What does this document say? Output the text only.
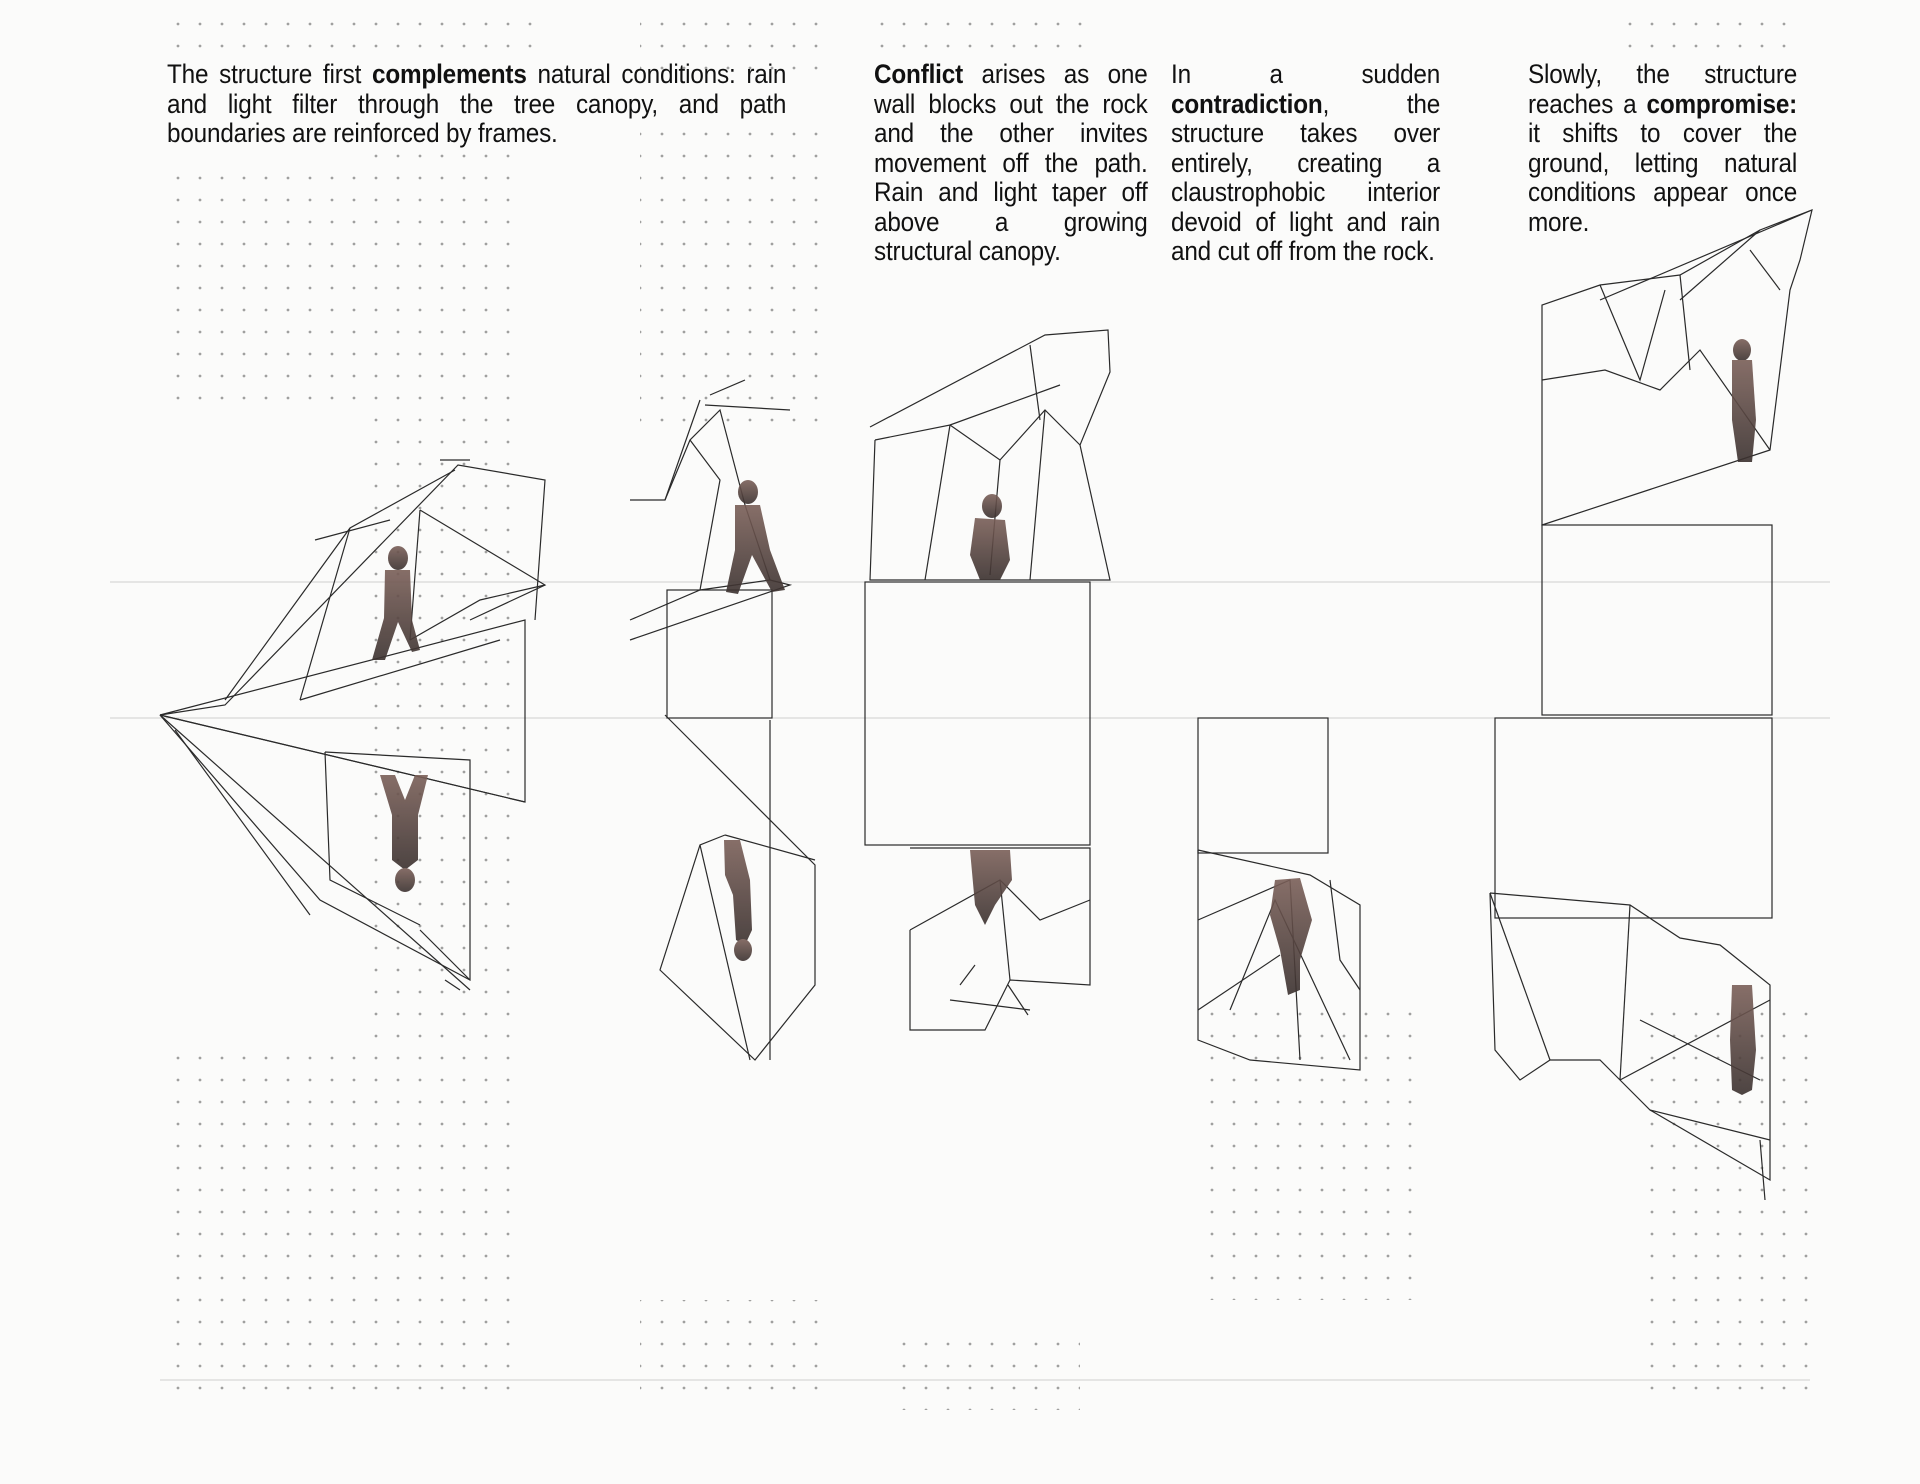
The structure first complements natural conditions: rain and light filter through the tree canopy, and path boundaries are reinforced by frames.
Conflict arises as one wall blocks out the rock and the other invites movement off the path. Rain and light taper off above a growing structural canopy.
In a sudden contradiction, the structure takes over entirely, creating a claustrophobic interior devoid of light and rain and cut off from the rock.
Slowly, the structure reaches a compromise: it shifts to cover the ground, letting natural conditions appear once more.
